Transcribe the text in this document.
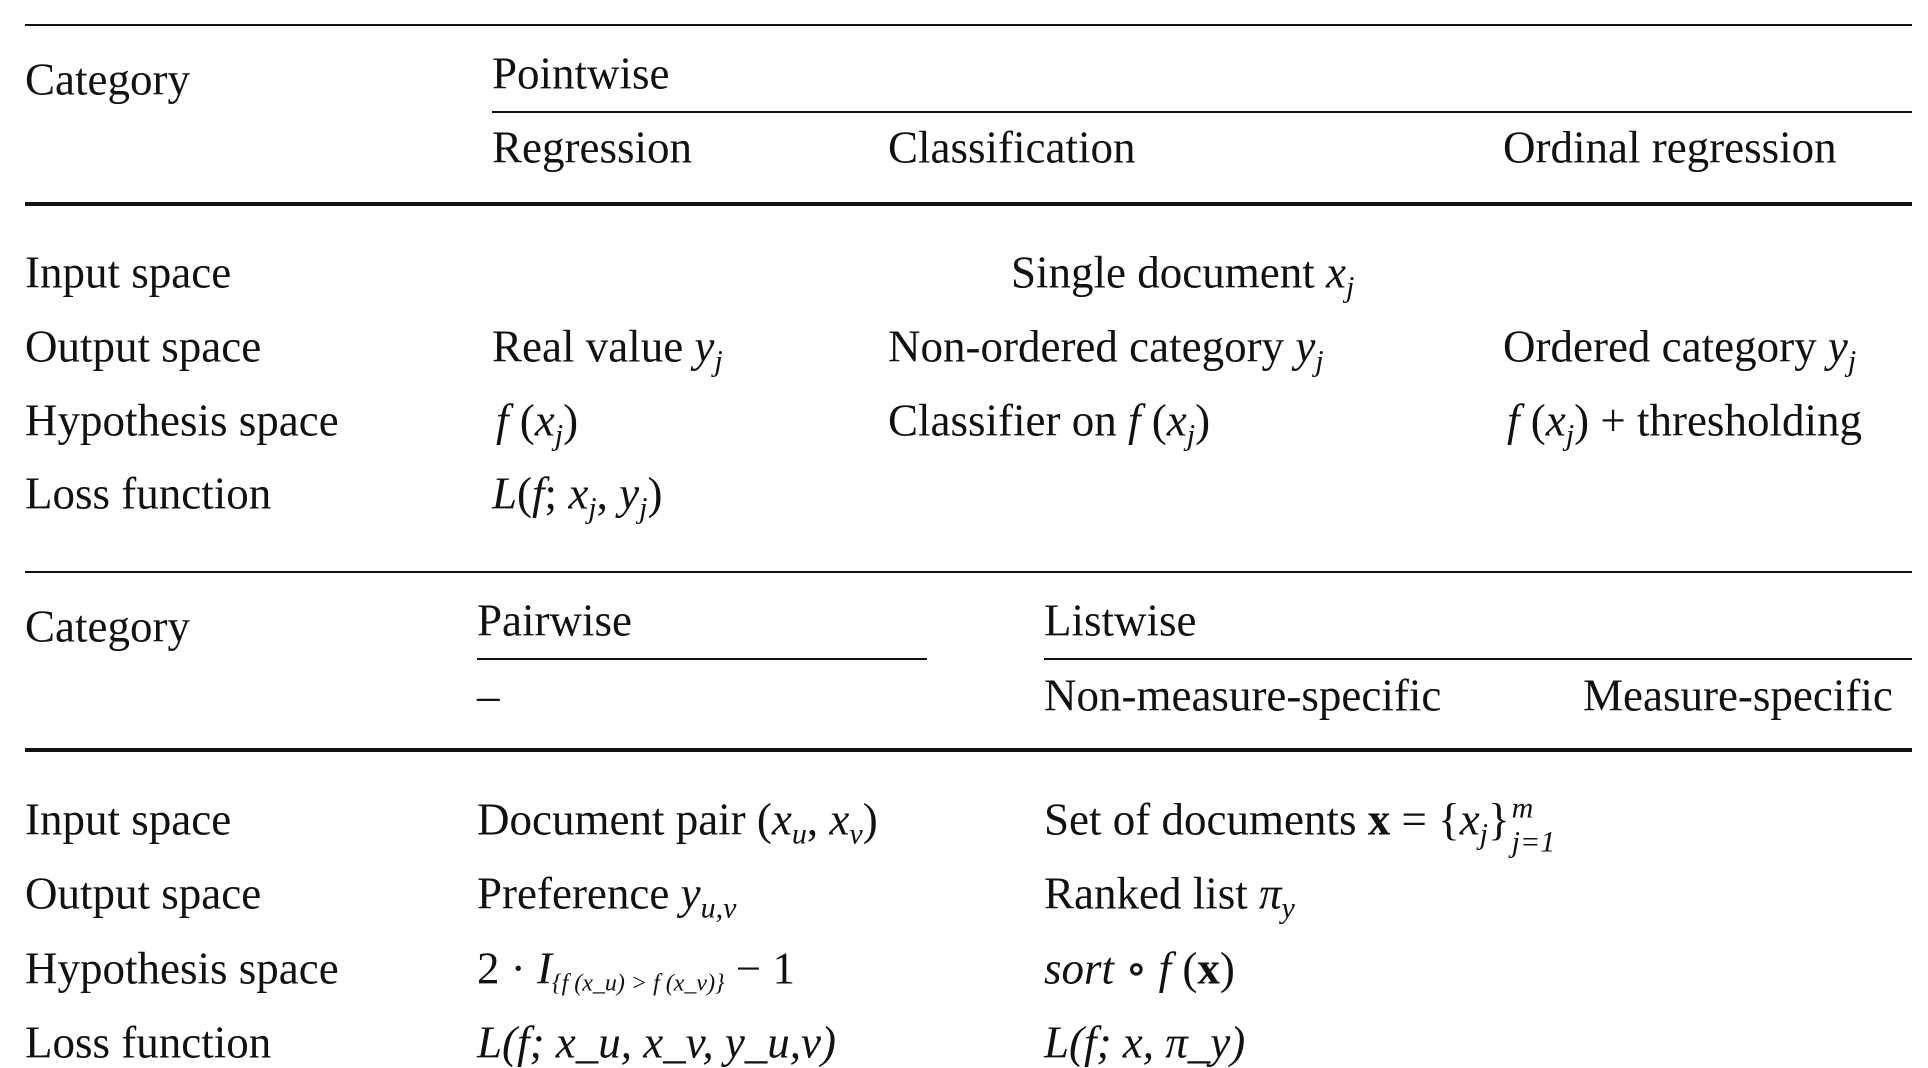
Category	Pointwise
Regression	Classification	Ordinal regression
Input space	Single document $x_j$
Output space	Real value $y_j$	Non-ordered category $y_j$	Ordered category $y_j$
Hypothesis space	f $(x_j)$	Classifier on f $(x_j)$	f $(x_j)$ + thresholding
Loss function	L(f; $x_j$, $y_j$)
Category	Pairwise	Listwise
–	Non-measure-specific	Measure-specific
Input space	Document pair ($x_u$, $x_v$)	Set of documents $x = \{x_j\}$ m
j=1
Output space	Preference $y_{u,v}$	Ranked list $\pi_y$
Hypothesis space	$2 \cdot I_{\{f (x\_u) > f (x\_v)\}} - 1$	sort ∘ f (x)
Loss function	L(f; x_u, x_v, y_u,v)	L(f; x, π_y)
